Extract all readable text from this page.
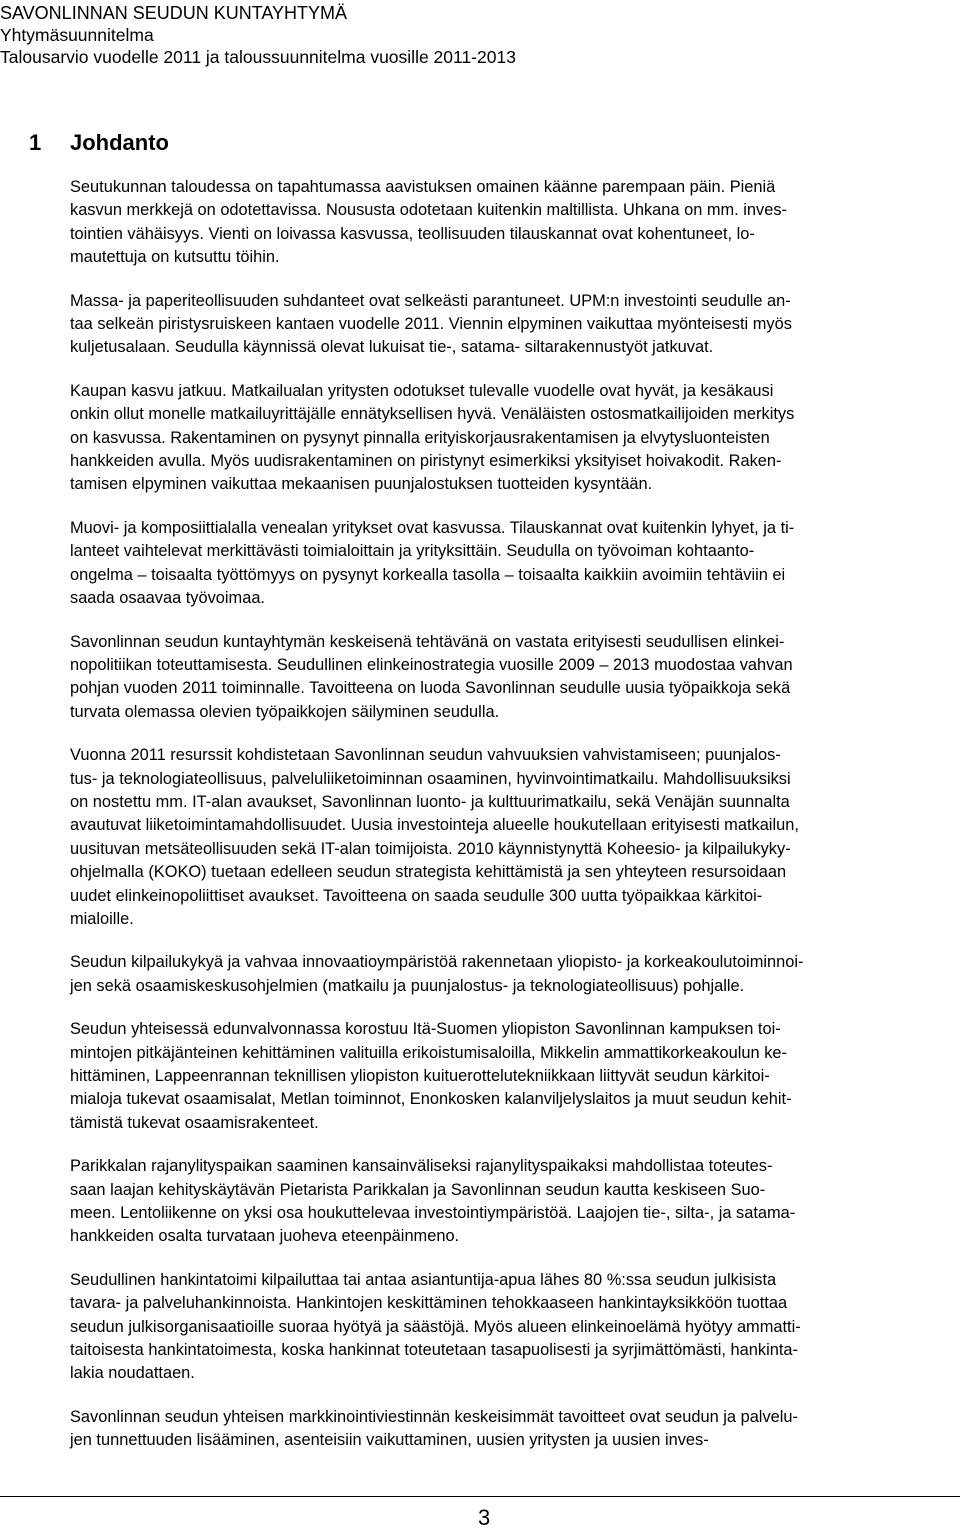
SAVONLINNAN SEUDUN KUNTAYHTYMÄ
Yhtymäsuunnitelma
Talousarvio vuodelle 2011 ja taloussuunnitelma vuosille 2011-2013
1 Johdanto

Seutukunnan taloudessa on tapahtumassa aavistuksen omainen käänne parempaan päin. Pieniä
kasvun merkkejä on odotettavissa. Noususta odotetaan kuitenkin maltillista. Uhkana on mm. inves-
tointien vähäisyys. Vienti on loivassa kasvussa, teollisuuden tilauskannat ovat kohentuneet, lo-
mautettuja on kutsuttu töihin.

Massa- ja paperiteollisuuden suhdanteet ovat selkeästi parantuneet. UPM:n investointi seudulle an-
taa selkeän piristysruiskeen kantaen vuodelle 2011. Viennin elpyminen vaikuttaa myönteisesti myös
kuljetusalaan. Seudulla käynnissä olevat lukuisat tie-, satama- siltarakennustyöt jatkuvat.

Kaupan kasvu jatkuu. Matkailualan yritysten odotukset tulevalle vuodelle ovat hyvät, ja kesäkausi
onkin ollut monelle matkailuyrittäjälle ennätyksellisen hyvä. Venäläisten ostosmatkailijoiden merkitys
on kasvussa. Rakentaminen on pysynyt pinnalla erityiskorjausrakentamisen ja elvytysluonteisten
hankkeiden avulla. Myös uudisrakentaminen on piristynyt esimerkiksi yksityiset hoivakodit. Raken-
tamisen elpyminen vaikuttaa mekaanisen puunjalostuksen tuotteiden kysyntään.

Muovi- ja komposiittialalla venealan yritykset ovat kasvussa. Tilauskannat ovat kuitenkin lyhyet, ja ti-
lanteet vaihtelevat merkittävästi toimialoittain ja yrityksittäin. Seudulla on työvoiman kohtaanto-
ongelma – toisaalta työttömyys on pysynyt korkealla tasolla – toisaalta kaikkiin avoimiin tehtäviin ei
saada osaavaa työvoimaa.

Savonlinnan seudun kuntayhtymän keskeisenä tehtävänä on vastata erityisesti seudullisen elinkei-
nopolitiikan toteuttamisesta. Seudullinen elinkeinostrategia vuosille 2009 – 2013 muodostaa vahvan
pohjan vuoden 2011 toiminnalle. Tavoitteena on luoda Savonlinnan seudulle uusia työpaikkoja sekä
turvata olemassa olevien työpaikkojen säilyminen seudulla.

Vuonna 2011 resurssit kohdistetaan Savonlinnan seudun vahvuuksien vahvistamiseen; puunjalos-
tus- ja teknologiateollisuus, palveluliiketoiminnan osaaminen, hyvinvointimatkailu. Mahdollisuuksiksi
on nostettu mm. IT-alan avaukset, Savonlinnan luonto- ja kulttuurimatkailu, sekä Venäjän suunnalta
avautuvat liiketoimintamahdollisuudet. Uusia investointeja alueelle houkutellaan erityisesti matkailun,
uusituvan metsäteollisuuden sekä IT-alan toimijoista. 2010 käynnistynyttä Koheesio- ja kilpailukyky-
ohjelmalla (KOKO) tuetaan edelleen seudun strategista kehittämistä ja sen yhteyteen resursoidaan
uudet elinkeinopoliittiset avaukset. Tavoitteena on saada seudulle 300 uutta työpaikkaa kärkitoi-
mialoille.

Seudun kilpailukykyä ja vahvaa innovaatioympäristöä rakennetaan yliopisto- ja korkeakoulutoiminnoi-
jen sekä osaamiskeskusohjelmien (matkailu ja puunjalostus- ja teknologiateollisuus) pohjalle.

Seudun yhteisessä edunvalvonnassa korostuu Itä-Suomen yliopiston Savonlinnan kampuksen toi-
mintojen pitkäjänteinen kehittäminen valituilla erikoistumisaloilla, Mikkelin ammattikorkeakoulun ke-
hittäminen, Lappeenrannan teknillisen yliopiston kuituerottelutekniikkaan liittyvät seudun kärkitoi-
mialoja tukevat osaamisalat, Metlan toiminnot, Enonkosken kalanviljelyslaitos ja muut seudun kehit-
tämistä tukevat osaamisrakenteet.

Parikkalan rajanylityspaikan saaminen kansainväliseksi rajanylityspaikaksi mahdollistaa toteutes-
saan laajan kehityskäytävän Pietarista Parikkalan ja Savonlinnan seudun kautta keskiseen Suo-
meen. Lentoliikenne on yksi osa houkuttelevaa investointiympäristöä. Laajojen tie-, silta-, ja satama-
hankkeiden osalta turvataan juoheva eteenpäinmeno.

Seudullinen hankintatoimi kilpailuttaa tai antaa asiantuntija-apua lähes 80 %:ssa seudun julkisista
tavara- ja palveluhankinnoista. Hankintojen keskittäminen tehokkaaseen hankintayksikköön tuottaa
seudun julkisorganisaatioille suoraa hyötyä ja säästöjä. Myös alueen elinkeinoelämä hyötyy ammatti-
taitoisesta hankintatoimesta, koska hankinnat toteutetaan tasapuolisesti ja syrjimättömästi, hankinta-
lakia noudattaen.

Savonlinnan seudun yhteisen markkinointiviestinnän keskeisimmät tavoitteet ovat seudun ja palvelu-
jen tunnettuuden lisääminen, asenteisiin vaikuttaminen, uusien yritysten ja uusien inves-

3
